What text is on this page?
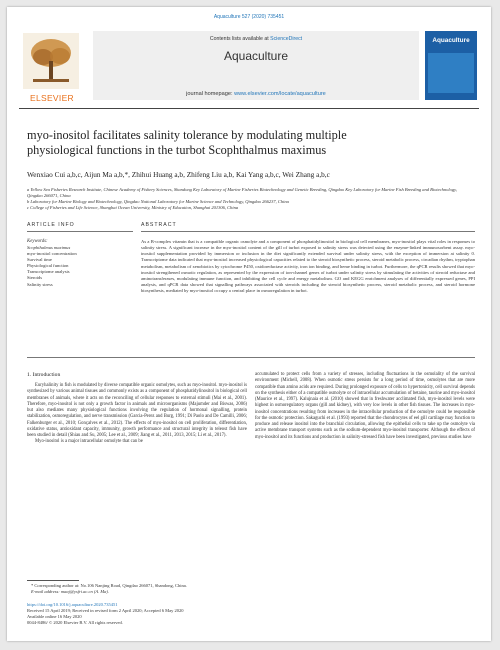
Aquaculture 527 (2020) 735451
ELSEVIER
Contents lists available at ScienceDirect
Aquaculture
journal homepage: www.elsevier.com/locate/aquaculture
Aquaculture
myo-inositol facilitates salinity tolerance by modulating multiple
physiological functions in the turbot Scophthalmus maximus
Wenxiao Cui a,b,c, Aijun Ma a,b,*, Zhihui Huang a,b, Zhifeng Liu a,b, Kai Yang a,b,c, Wei Zhang a,b,c
a Yellow Sea Fisheries Research Institute, Chinese Academy of Fishery Sciences, Shandong Key Laboratory of Marine Fisheries Biotechnology and Genetic Breeding, Qingdao Key Laboratory for Marine Fish Breeding and Biotechnology, Qingdao 266071, China
b Laboratory for Marine Biology and Biotechnology, Qingdao National Laboratory for Marine Science and Technology, Qingdao 266237, China
c College of Fisheries and Life Science, Shanghai Ocean University, Ministry of Education, Shanghai 201306, China
ARTICLE INFO
Keywords:
Scophthalmus maximus
myo-inositol concentration
Survival time
Physiological function
Transcriptome analysis
Steroids
Salinity stress
ABSTRACT
As a B-complex vitamin that is a compatible organic osmolyte and a component of phosphatidylinositol in biological cell membranes, myo-inositol plays vital roles in responses to salinity stress. A significant increase in the myo-inositol content of the gill of turbot exposed to salinity stress was detected using the enzyme-linked immunosorbent assay. myo-inositol supplementation provided by immersion or inclusion in the diet significantly extended survival under salinity stress, with the exception of immersion at salinity 0. Transcriptome data indicated that myo-inositol increased physiological capacities related to the steroid biosynthetic process, steroid metabolic process, circadian rhythm, tryptophan metabolism, metabolism of xenobiotics by cytochrome P450, oxidoreductase activity, iron ion binding, and heme binding in turbot. Furthermore, the qPCR results showed that myo-inositol strengthened osmotic regulation, as represented by the expression of ion-channel genes of turbot under salinity stress by stimulating the activities of steroid reductase and aminotransferases, modulating immune function, and inhibiting the cell cycle and energy metabolism. GO and KEGG enrichment analyses of differentially expressed genes, PPI analysis, and qPCR data showed that signalling pathways associated with steroids including the steroid biosynthetic process, steroid metabolic process, and steroid hormone biosynthesis, mediated by myo-inositol occupy a central place in osmoregulation in turbot.
1. Introduction
Euryhalinity in fish is modulated by diverse compatible organic osmolytes, such as myo-inositol. myo-inositol is synthesized by various animal tissues and commonly exists as a component of phosphatidylinositol in biological cell membranes of animals, where it acts on the reconciling of cellular responses to external stimuli (Mai et al., 2001). Therefore, myo-inositol is not only a growth factor in animals and microorganisms (Majumder and Biswas, 2006) but also mediates many physiological functions involving the regulation of hormonal signalling, protein stabilization, osmoregulation, and nerve transmission (Garcia-Perez and Burg, 1991; Di Paolo and De Camilli, 2006; Falkenburger et al., 2010; Gonçalves et al., 2012). The effects of myo-inositol on cell proliferation, differentiation, oxidative status, antioxidant capacity, immunity, growth performance and structural integrity in teleost fish have been studied in detail (Shiau and Su, 2005; Lee et al., 2009; Jiang et al., 2011, 2013, 2015; Li et al., 2017).
Myo-inositol is a major intracellular osmolyte that can be
accumulated to protect cells from a variety of stresses, including fluctuations in the osmolality of the survival environment (Michell, 2008). When osmotic stress persists for a long period of time, osmolytes that are more compatible than amino acids are required. During prolonged exposure of cells to hypertonicity, cell survival depends on the synthesis either of a compatible osmolyte or of intracellular accumulation of betaine, taurine and myo-inositol (Maurice et al., 1997). Kalujnaia et al. (2010) showed that in freshwater acclimated fish, myo-inositol levels were highest in osmoregulatory organs (gill and kidney), with very low levels in other fish tissues. The increases in myo-inositol concentrations resulting from increases in the intracellular production of the osmolyte could be responsible for the osmotic protection. Sakaguchi et al. (1993) reported that the chondrocytes of eel gill cartilage may function to produce and release inositol into the branchial circulation, allowing the epithelial cells to take up the osmolyte via active membrane transport systems such as the sodium-dependent myo-inositol transporter. Although the effects of myo-inositol and its functions and production in salinity-stressed fish have been investigated, previous studies have
* Corresponding author at: No.106 Nanjing Road, Qingdao 266071, Shandong, China.
E-mail address: maaj@ysfri.ac.cn (A. Ma).
https://doi.org/10.1016/j.aquaculture.2020.735451
Received 15 April 2019; Received in revised form 2 April 2020; Accepted 6 May 2020
Available online 16 May 2020
0044-8486/ © 2020 Elsevier B.V. All rights reserved.
